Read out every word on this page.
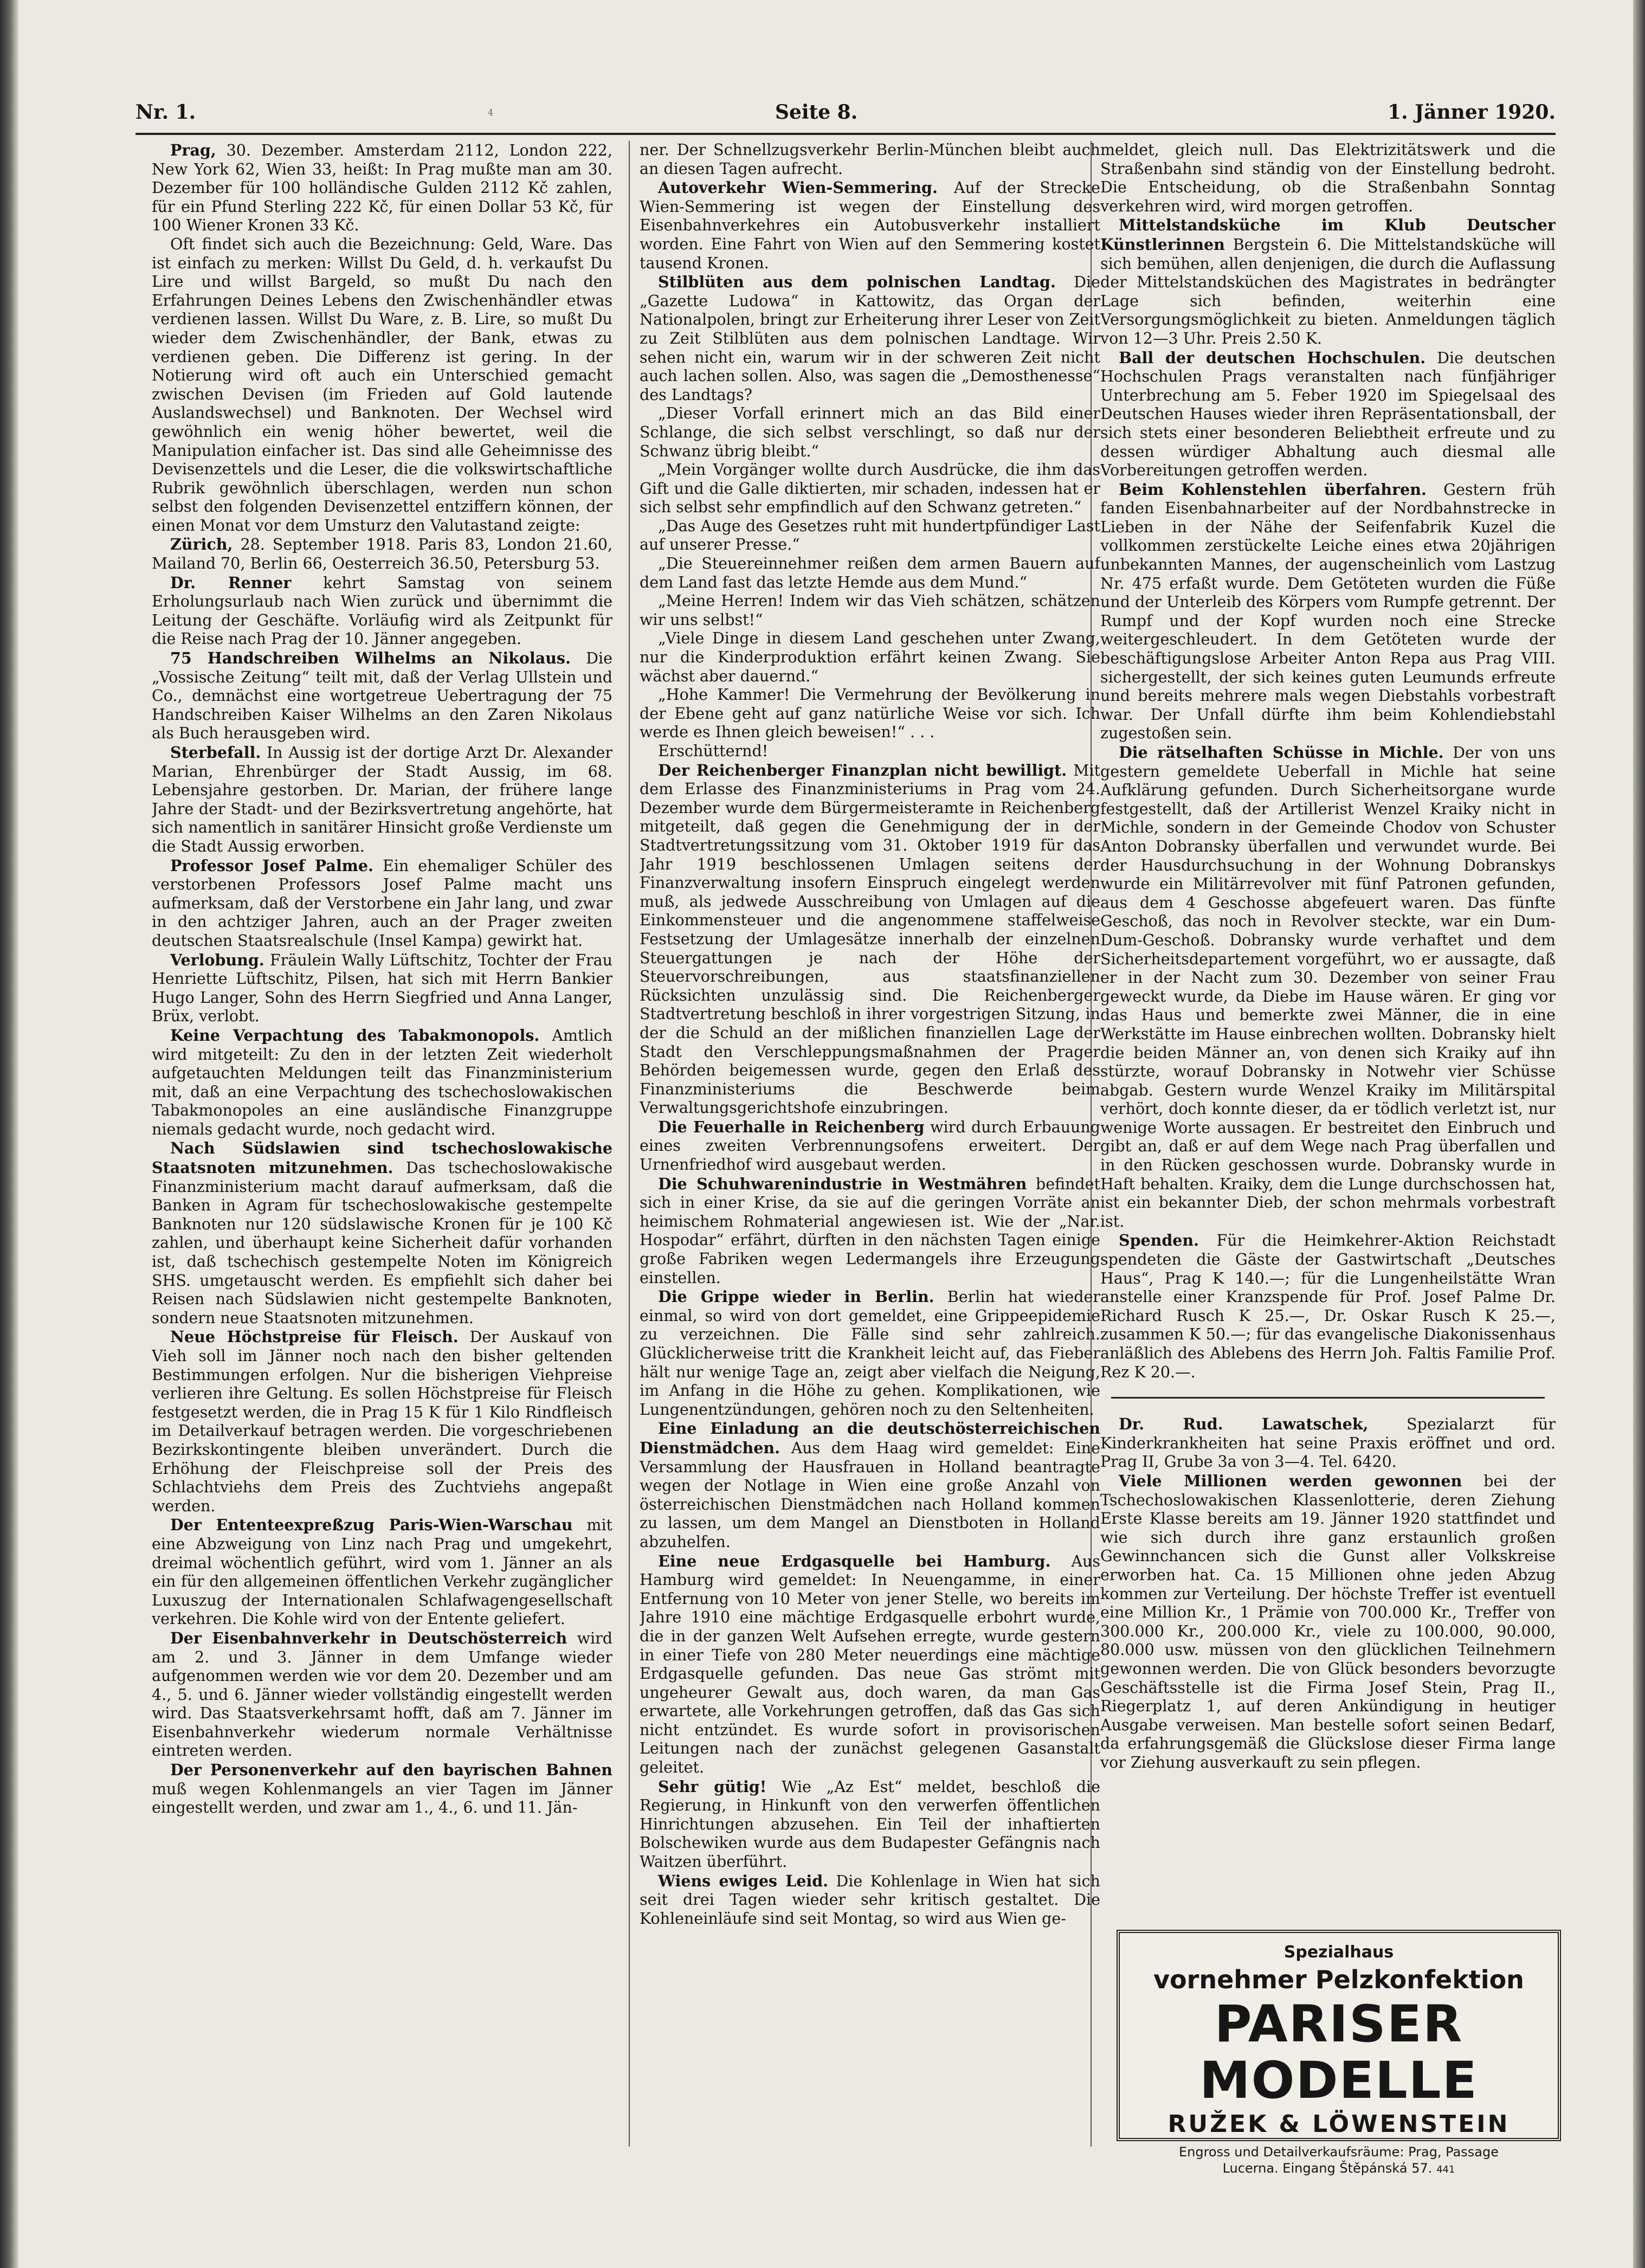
Nr. 1.	Seite 8.	1. Jänner 1920.
4

Prag, 30. Dezember. Amsterdam 2112, London 222, New York 62, Wien 33, heißt: In Prag mußte man am 30. Dezember für 100 holländische Gulden 2112 Kč zahlen, für ein Pfund Sterling 222 Kč, für einen Dollar 53 Kč, für 100 Wiener Kronen 33 Kč.

Oft findet sich auch die Bezeichnung: Geld, Ware. Das ist einfach zu merken: Willst Du Geld, d. h. verkaufst Du Lire und willst Bargeld, so mußt Du nach den Erfahrungen Deines Lebens den Zwischenhändler etwas verdienen lassen. Willst Du Ware, z. B. Lire, so mußt Du wieder dem Zwischenhändler, der Bank, etwas zu verdienen geben. Die Differenz ist gering. In der Notierung wird oft auch ein Unterschied gemacht zwischen Devisen (im Frieden auf Gold lautende Auslandswechsel) und Banknoten. Der Wechsel wird gewöhnlich ein wenig höher bewertet, weil die Manipulation einfacher ist. Das sind alle Geheimnisse des Devisenzettels und die Leser, die die volkswirtschaftliche Rubrik gewöhnlich überschlagen, werden nun schon selbst den folgenden Devisenzettel entziffern können, der einen Monat vor dem Umsturz den Valutastand zeigte:

Zürich, 28. September 1918. Paris 83, London 21.60, Mailand 70, Berlin 66, Oesterreich 36.50, Petersburg 53.

Dr. Renner kehrt Samstag von seinem Erholungsurlaub nach Wien zurück und übernimmt die Leitung der Geschäfte. Vorläufig wird als Zeitpunkt für die Reise nach Prag der 10. Jänner angegeben.

75 Handschreiben Wilhelms an Nikolaus. Die „Vossische Zeitung“ teilt mit, daß der Verlag Ullstein und Co., demnächst eine wortgetreue Uebertragung der 75 Handschreiben Kaiser Wilhelms an den Zaren Nikolaus als Buch herausgeben wird.

Sterbefall. In Aussig ist der dortige Arzt Dr. Alexander Marian, Ehrenbürger der Stadt Aussig, im 68. Lebensjahre gestorben. Dr. Marian, der frühere lange Jahre der Stadt- und der Bezirksvertretung angehörte, hat sich namentlich in sanitärer Hinsicht große Verdienste um die Stadt Aussig erworben.

Professor Josef Palme. Ein ehemaliger Schüler des verstorbenen Professors Josef Palme macht uns aufmerksam, daß der Verstorbene ein Jahr lang, und zwar in den achtziger Jahren, auch an der Prager zweiten deutschen Staatsrealschule (Insel Kampa) gewirkt hat.

Verlobung. Fräulein Wally Lüftschitz, Tochter der Frau Henriette Lüftschitz, Pilsen, hat sich mit Herrn Bankier Hugo Langer, Sohn des Herrn Siegfried und Anna Langer, Brüx, verlobt.

Keine Verpachtung des Tabakmonopols. Amtlich wird mitgeteilt: Zu den in der letzten Zeit wiederholt aufgetauchten Meldungen teilt das Finanzministerium mit, daß an eine Verpachtung des tschechoslowakischen Tabakmonopoles an eine ausländische Finanzgruppe niemals gedacht wurde, noch gedacht wird.

Nach Südslawien sind tschechoslowakische Staatsnoten mitzunehmen. Das tschechoslowakische Finanzministerium macht darauf aufmerksam, daß die Banken in Agram für tschechoslowakische gestempelte Banknoten nur 120 südslawische Kronen für je 100 Kč zahlen, und überhaupt keine Sicherheit dafür vorhanden ist, daß tschechisch gestempelte Noten im Königreich SHS. umgetauscht werden. Es empfiehlt sich daher bei Reisen nach Südslawien nicht gestempelte Banknoten, sondern neue Staatsnoten mitzunehmen.

Neue Höchstpreise für Fleisch. Der Auskauf von Vieh soll im Jänner noch nach den bisher geltenden Bestimmungen erfolgen. Nur die bisherigen Viehpreise verlieren ihre Geltung. Es sollen Höchstpreise für Fleisch festgesetzt werden, die in Prag 15 K für 1 Kilo Rindfleisch im Detailverkauf betragen werden. Die vorgeschriebenen Bezirkskontingente bleiben unverändert. Durch die Erhöhung der Fleischpreise soll der Preis des Schlachtviehs dem Preis des Zuchtviehs angepaßt werden.

Der Ententeexpreßzug Paris-Wien-Warschau mit eine Abzweigung von Linz nach Prag und umgekehrt, dreimal wöchentlich geführt, wird vom 1. Jänner an als ein für den allgemeinen öffentlichen Verkehr zugänglicher Luxuszug der Internationalen Schlafwagengesellschaft verkehren. Die Kohle wird von der Entente geliefert.

Der Eisenbahnverkehr in Deutschösterreich wird am 2. und 3. Jänner in dem Umfange wieder aufgenommen werden wie vor dem 20. Dezember und am 4., 5. und 6. Jänner wieder vollständig eingestellt werden wird. Das Staatsverkehrsamt hofft, daß am 7. Jänner im Eisenbahnverkehr wiederum normale Verhältnisse eintreten werden.

Der Personenverkehr auf den bayrischen Bahnen muß wegen Kohlenmangels an vier Tagen im Jänner eingestellt werden, und zwar am 1., 4., 6. und 11. Jän-

ner. Der Schnellzugsverkehr Berlin-München bleibt auch an diesen Tagen aufrecht.

Autoverkehr Wien-Semmering. Auf der Strecke Wien-Semmering ist wegen der Einstellung des Eisenbahnverkehres ein Autobusverkehr installiert worden. Eine Fahrt von Wien auf den Semmering kostet tausend Kronen.

Stilblüten aus dem polnischen Landtag. Die „Gazette Ludowa“ in Kattowitz, das Organ der Nationalpolen, bringt zur Erheiterung ihrer Leser von Zeit zu Zeit Stilblüten aus dem polnischen Landtage. Wir sehen nicht ein, warum wir in der schweren Zeit nicht auch lachen sollen. Also, was sagen die „Demosthenesse“ des Landtags?

„Dieser Vorfall erinnert mich an das Bild einer Schlange, die sich selbst verschlingt, so daß nur der Schwanz übrig bleibt.“

„Mein Vorgänger wollte durch Ausdrücke, die ihm das Gift und die Galle diktierten, mir schaden, indessen hat er sich selbst sehr empfindlich auf den Schwanz getreten.“

„Das Auge des Gesetzes ruht mit hundertpfündiger Last auf unserer Presse.“

„Die Steuereinnehmer reißen dem armen Bauern auf dem Land fast das letzte Hemde aus dem Mund.“

„Meine Herren! Indem wir das Vieh schätzen, schätzen wir uns selbst!“

„Viele Dinge in diesem Land geschehen unter Zwang, nur die Kinderproduktion erfährt keinen Zwang. Sie wächst aber dauernd.“

„Hohe Kammer! Die Vermehrung der Bevölkerung in der Ebene geht auf ganz natürliche Weise vor sich. Ich werde es Ihnen gleich beweisen!“ . . .

Erschütternd!

Der Reichenberger Finanzplan nicht bewilligt. Mit dem Erlasse des Finanzministeriums in Prag vom 24. Dezember wurde dem Bürgermeisteramte in Reichenberg mitgeteilt, daß gegen die Genehmigung der in der Stadtvertretungssitzung vom 31. Oktober 1919 für das Jahr 1919 beschlossenen Umlagen seitens der Finanzverwaltung insofern Einspruch eingelegt werden muß, als jedwede Ausschreibung von Umlagen auf die Einkommensteuer und die angenommene staffelweise Festsetzung der Umlagesätze innerhalb der einzelnen Steuergattungen je nach der Höhe der Steuervorschreibungen, aus staatsfinanziellen Rücksichten unzulässig sind. Die Reichenberger Stadtvertretung beschloß in ihrer vorgestrigen Sitzung, in der die Schuld an der mißlichen finanziellen Lage der Stadt den Verschleppungsmaßnahmen der Prager Behörden beigemessen wurde, gegen den Erlaß des Finanzministeriums die Beschwerde beim Verwaltungsgerichtshofe einzubringen.

Die Feuerhalle in Reichenberg wird durch Erbauung eines zweiten Verbrennungsofens erweitert. Der Urnenfriedhof wird ausgebaut werden.

Die Schuhwarenindustrie in Westmähren befindet sich in einer Krise, da sie auf die geringen Vorräte an heimischem Rohmaterial angewiesen ist. Wie der „Nar. Hospodar“ erfährt, dürften in den nächsten Tagen einige große Fabriken wegen Ledermangels ihre Erzeugung einstellen.

Die Grippe wieder in Berlin. Berlin hat wieder einmal, so wird von dort gemeldet, eine Grippeepidemie zu verzeichnen. Die Fälle sind sehr zahlreich. Glücklicherweise tritt die Krankheit leicht auf, das Fieber hält nur wenige Tage an, zeigt aber vielfach die Neigung, im Anfang in die Höhe zu gehen. Komplikationen, wie Lungenentzündungen, gehören noch zu den Seltenheiten.

Eine Einladung an die deutschösterreichischen Dienstmädchen. Aus dem Haag wird gemeldet: Eine Versammlung der Hausfrauen in Holland beantragte wegen der Notlage in Wien eine große Anzahl von österreichischen Dienstmädchen nach Holland kommen zu lassen, um dem Mangel an Dienstboten in Holland abzuhelfen.

Eine neue Erdgasquelle bei Hamburg. Aus Hamburg wird gemeldet: In Neuengamme, in einer Entfernung von 10 Meter von jener Stelle, wo bereits im Jahre 1910 eine mächtige Erdgasquelle erbohrt wurde, die in der ganzen Welt Aufsehen erregte, wurde gestern in einer Tiefe von 280 Meter neuerdings eine mächtige Erdgasquelle gefunden. Das neue Gas strömt mit ungeheurer Gewalt aus, doch waren, da man Gas erwartete, alle Vorkehrungen getroffen, daß das Gas sich nicht entzündet. Es wurde sofort in provisorischen Leitungen nach der zunächst gelegenen Gasanstalt geleitet.

Sehr gütig! Wie „Az Est“ meldet, beschloß die Regierung, in Hinkunft von den verwerfen öffentlichen Hinrichtungen abzusehen. Ein Teil der inhaftierten Bolschewiken wurde aus dem Budapester Gefängnis nach Waitzen überführt.

Wiens ewiges Leid. Die Kohlenlage in Wien hat sich seit drei Tagen wieder sehr kritisch gestaltet. Die Kohleneinläufe sind seit Montag, so wird aus Wien ge-

meldet, gleich null. Das Elektrizitätswerk und die Straßenbahn sind ständig von der Einstellung bedroht. Die Entscheidung, ob die Straßenbahn Sonntag verkehren wird, wird morgen getroffen.

Mittelstandsküche im Klub Deutscher Künstlerinnen Bergstein 6. Die Mittelstandsküche will sich bemühen, allen denjenigen, die durch die Auflassung der Mittelstandsküchen des Magistrates in bedrängter Lage sich befinden, weiterhin eine Versorgungsmöglichkeit zu bieten. Anmeldungen täglich von 12—3 Uhr. Preis 2.50 K.

Ball der deutschen Hochschulen. Die deutschen Hochschulen Prags veranstalten nach fünfjähriger Unterbrechung am 5. Feber 1920 im Spiegelsaal des Deutschen Hauses wieder ihren Repräsentationsball, der sich stets einer besonderen Beliebtheit erfreute und zu dessen würdiger Abhaltung auch diesmal alle Vorbereitungen getroffen werden.

Beim Kohlenstehlen überfahren. Gestern früh fanden Eisenbahnarbeiter auf der Nordbahnstrecke in Lieben in der Nähe der Seifenfabrik Kuzel die vollkommen zerstückelte Leiche eines etwa 20jährigen unbekannten Mannes, der augenscheinlich vom Lastzug Nr. 475 erfaßt wurde. Dem Getöteten wurden die Füße und der Unterleib des Körpers vom Rumpfe getrennt. Der Rumpf und der Kopf wurden noch eine Strecke weitergeschleudert. In dem Getöteten wurde der beschäftigungslose Arbeiter Anton Repa aus Prag VIII. sichergestellt, der sich keines guten Leumunds erfreute und bereits mehrere mals wegen Diebstahls vorbestraft war. Der Unfall dürfte ihm beim Kohlendiebstahl zugestoßen sein.

Die rätselhaften Schüsse in Michle. Der von uns gestern gemeldete Ueberfall in Michle hat seine Aufklärung gefunden. Durch Sicherheitsorgane wurde festgestellt, daß der Artillerist Wenzel Kraiky nicht in Michle, sondern in der Gemeinde Chodov von Schuster Anton Dobransky überfallen und verwundet wurde. Bei der Hausdurchsuchung in der Wohnung Dobranskys wurde ein Militärrevolver mit fünf Patronen gefunden, aus dem 4 Geschosse abgefeuert waren. Das fünfte Geschoß, das noch in Revolver steckte, war ein Dum-Dum-Geschoß. Dobransky wurde verhaftet und dem Sicherheitsdepartement vorgeführt, wo er aussagte, daß er in der Nacht zum 30. Dezember von seiner Frau geweckt wurde, da Diebe im Hause wären. Er ging vor das Haus und bemerkte zwei Männer, die in eine Werkstätte im Hause einbrechen wollten. Dobransky hielt die beiden Männer an, von denen sich Kraiky auf ihn stürzte, worauf Dobransky in Notwehr vier Schüsse abgab. Gestern wurde Wenzel Kraiky im Militärspital verhört, doch konnte dieser, da er tödlich verletzt ist, nur wenige Worte aussagen. Er bestreitet den Einbruch und gibt an, daß er auf dem Wege nach Prag überfallen und in den Rücken geschossen wurde. Dobransky wurde in Haft behalten. Kraiky, dem die Lunge durchschossen hat, ist ein bekannter Dieb, der schon mehrmals vorbestraft ist.

Spenden. Für die Heimkehrer-Aktion Reichstadt spendeten die Gäste der Gastwirtschaft „Deutsches Haus“, Prag K 140.—; für die Lungenheilstätte Wran anstelle einer Kranzspende für Prof. Josef Palme Dr. Richard Rusch K 25.—, Dr. Oskar Rusch K 25.—, zusammen K 50.—; für das evangelische Diakonissenhaus anläßlich des Ablebens des Herrn Joh. Faltis Familie Prof. Rez K 20.—.

Dr. Rud. Lawatschek, Spezialarzt für Kinderkrankheiten hat seine Praxis eröffnet und ord. Prag II, Grube 3a von 3—4. Tel. 6420.

Viele Millionen werden gewonnen bei der Tschechoslowakischen Klassenlotterie, deren Ziehung Erste Klasse bereits am 19. Jänner 1920 stattfindet und wie sich durch ihre ganz erstaunlich großen Gewinnchancen sich die Gunst aller Volkskreise erworben hat. Ca. 15 Millionen ohne jeden Abzug kommen zur Verteilung. Der höchste Treffer ist eventuell eine Million Kr., 1 Prämie von 700.000 Kr., Treffer von 300.000 Kr., 200.000 Kr., viele zu 100.000, 90.000, 80.000 usw. müssen von den glücklichen Teilnehmern gewonnen werden. Die von Glück besonders bevorzugte Geschäftsstelle ist die Firma Josef Stein, Prag II., Riegerplatz 1, auf deren Ankündigung in heutiger Ausgabe verweisen. Man bestelle sofort seinen Bedarf, da erfahrungsgemäß die Glückslose dieser Firma lange vor Ziehung ausverkauft zu sein pflegen.

Spezialhaus
vornehmer Pelzkonfektion
PARISER MODELLE
RUŽEK & LÖWENSTEIN
Engross und Detailverkaufsräume: Prag, Passage
Lucerna. Eingang Štěpánská 57. 441
